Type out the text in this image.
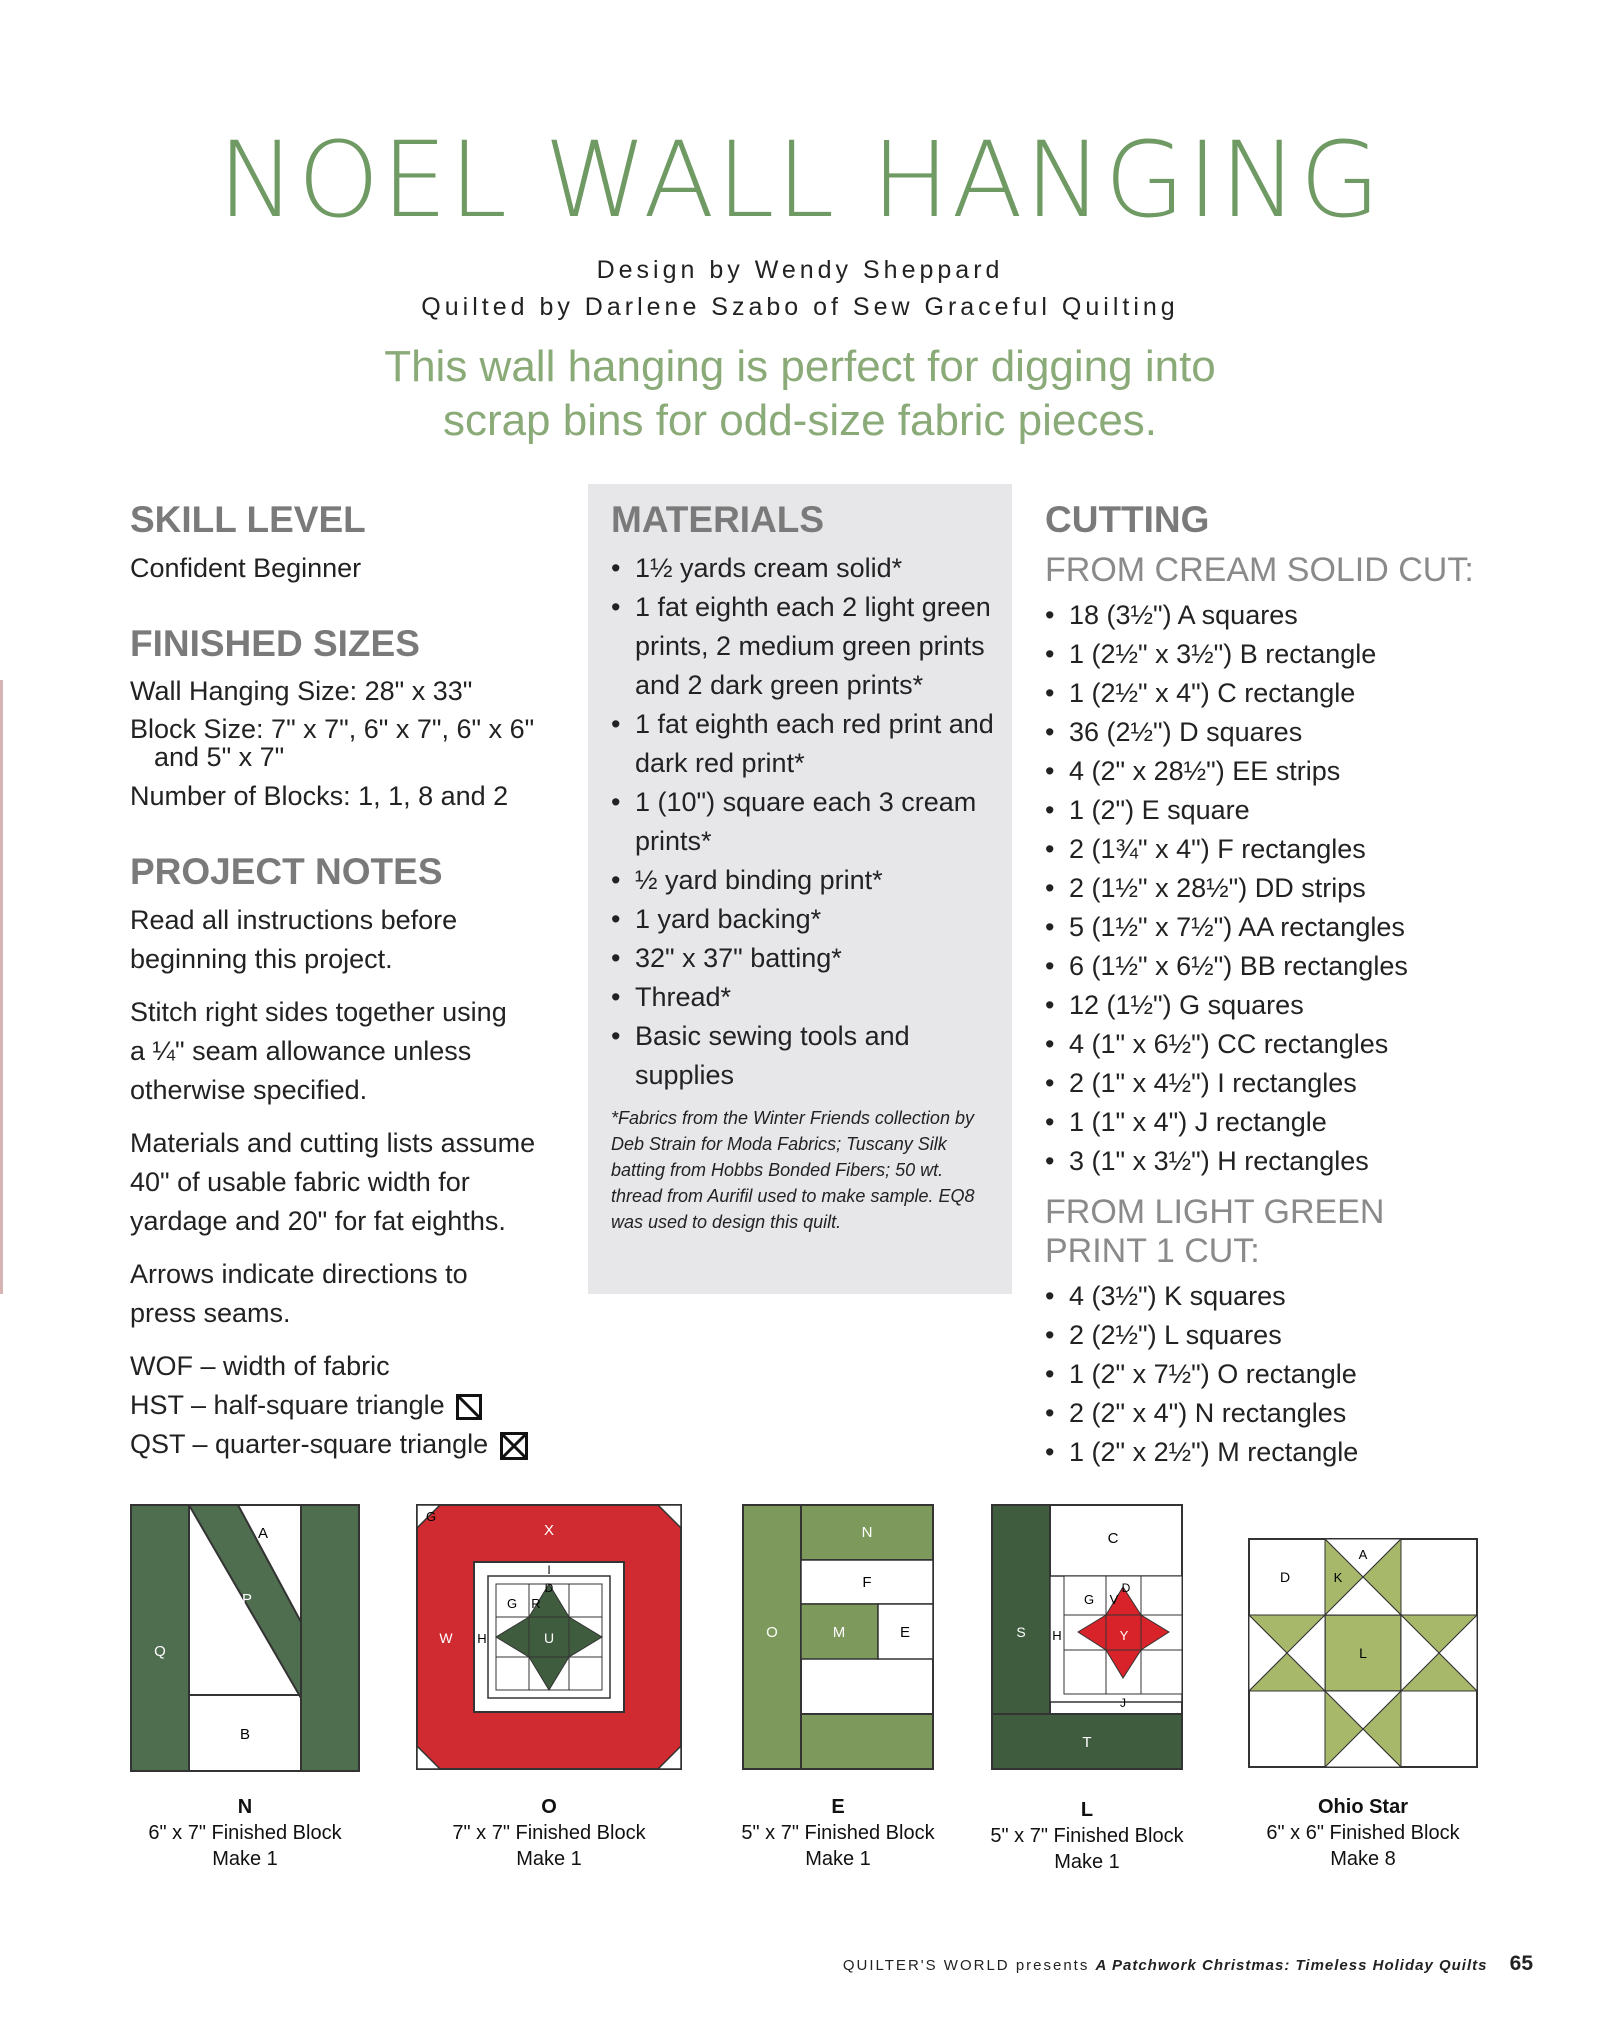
NOEL WALL HANGING
Design by Wendy Sheppard
Quilted by Darlene Szabo of Sew Graceful Quilting
This wall hanging is perfect for digging into
scrap bins for odd-size fabric pieces.
SKILL LEVEL

Confident Beginner

FINISHED SIZES

Wall Hanging Size: 28" x 33"

Block Size: 7" x 7", 6" x 7", 6" x 6"
and 5" x 7"

Number of Blocks: 1, 1, 8 and 2

PROJECT NOTES
Read all instructions before
beginning this project.
Stitch right sides together using
a ¼" seam allowance unless
otherwise specified.
Materials and cutting lists assume
40" of usable fabric width for
yardage and 20" for fat eighths.
Arrows indicate directions to
press seams.
WOF – width of fabric
HST – half-square triangle
QST – quarter-square triangle
MATERIALS
• 1½ yards cream solid*
• 1 fat eighth each 2 light green prints, 2 medium green prints and 2 dark green prints*
• 1 fat eighth each red print and dark red print*
• 1 (10") square each 3 cream prints*
• ½ yard binding print*
• 1 yard backing*
• 32" x 37" batting*
• Thread*
• Basic sewing tools and supplies
*Fabrics from the Winter Friends collection by Deb Strain for Moda Fabrics; Tuscany Silk batting from Hobbs Bonded Fibers; 50 wt. thread from Aurifil used to make sample. EQ8 was used to design this quilt.
CUTTING
FROM CREAM SOLID CUT:
• 18 (3½") A squares
• 1 (2½" x 3½") B rectangle
• 1 (2½" x 4") C rectangle
• 36 (2½") D squares
• 4 (2" x 28½") EE strips
• 1 (2") E square
• 2 (1¾" x 4") F rectangles
• 2 (1½" x 28½") DD strips
• 5 (1½" x 7½") AA rectangles
• 6 (1½" x 6½") BB rectangles
• 12 (1½") G squares
• 4 (1" x 6½") CC rectangles
• 2 (1" x 4½") I rectangles
• 1 (1" x 4") J rectangle
• 3 (1" x 3½") H rectangles
FROM LIGHT GREEN PRINT 1 CUT:
• 4 (3½") K squares
• 2 (2½") L squares
• 1 (2" x 7½") O rectangle
• 2 (2" x 4") N rectangles
• 1 (2" x 2½") M rectangle
A
P
Q
B
G
X
I
D
G R
W H	U
N
F
O	M	E
C
D
G V
S H	Y
J
T
A
D	K
L
N
6" x 7" Finished Block
Make 1
O
7" x 7" Finished Block
Make 1
E
5" x 7" Finished Block
Make 1
L
5" x 7" Finished Block
Make 1
Ohio Star
6" x 6" Finished Block
Make 8
QUILTER'S WORLD presents A Patchwork Christmas: Timeless Holiday Quilts 65
